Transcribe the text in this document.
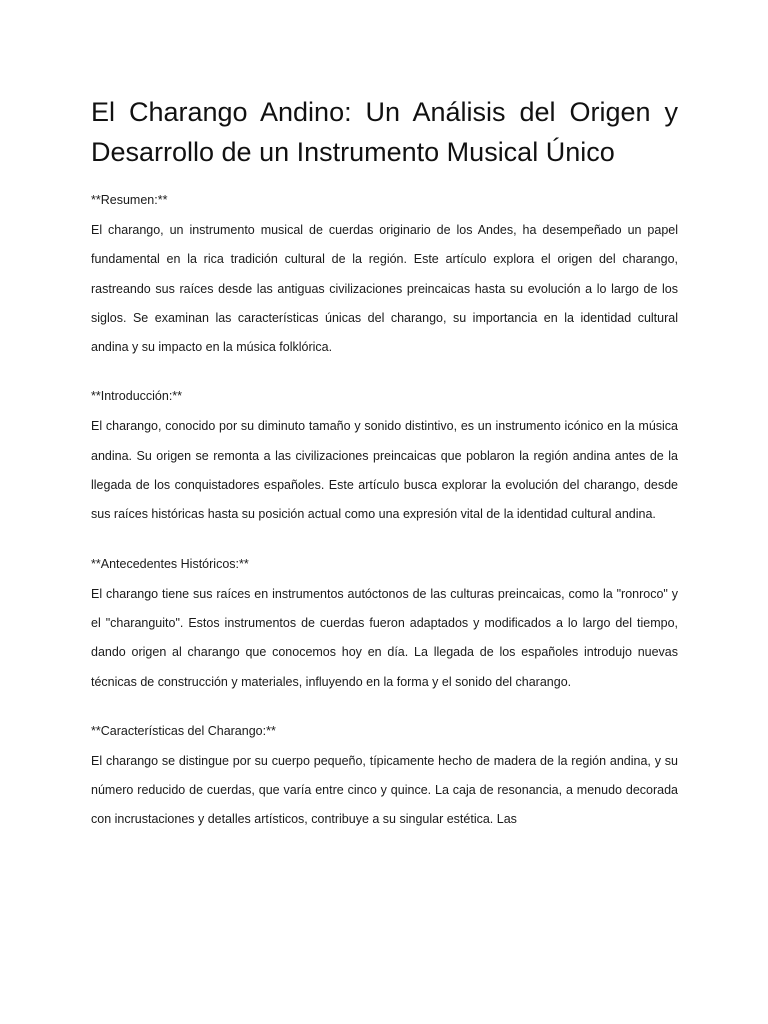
El Charango Andino: Un Análisis del Origen y Desarrollo de un Instrumento Musical Único

**Resumen:**

El charango, un instrumento musical de cuerdas originario de los Andes, ha desempeñado un papel fundamental en la rica tradición cultural de la región. Este artículo explora el origen del charango, rastreando sus raíces desde las antiguas civilizaciones preincaicas hasta su evolución a lo largo de los siglos. Se examinan las características únicas del charango, su importancia en la identidad cultural andina y su impacto en la música folklórica.

**Introducción:**

El charango, conocido por su diminuto tamaño y sonido distintivo, es un instrumento icónico en la música andina. Su origen se remonta a las civilizaciones preincaicas que poblaron la región andina antes de la llegada de los conquistadores españoles. Este artículo busca explorar la evolución del charango, desde sus raíces históricas hasta su posición actual como una expresión vital de la identidad cultural andina.

**Antecedentes Históricos:**

El charango tiene sus raíces en instrumentos autóctonos de las culturas preincaicas, como la "ronroco" y el "charanguito". Estos instrumentos de cuerdas fueron adaptados y modificados a lo largo del tiempo, dando origen al charango que conocemos hoy en día. La llegada de los españoles introdujo nuevas técnicas de construcción y materiales, influyendo en la forma y el sonido del charango.

**Características del Charango:**

El charango se distingue por su cuerpo pequeño, típicamente hecho de madera de la región andina, y su número reducido de cuerdas, que varía entre cinco y quince. La caja de resonancia, a menudo decorada con incrustaciones y detalles artísticos, contribuye a su singular estética. Las
